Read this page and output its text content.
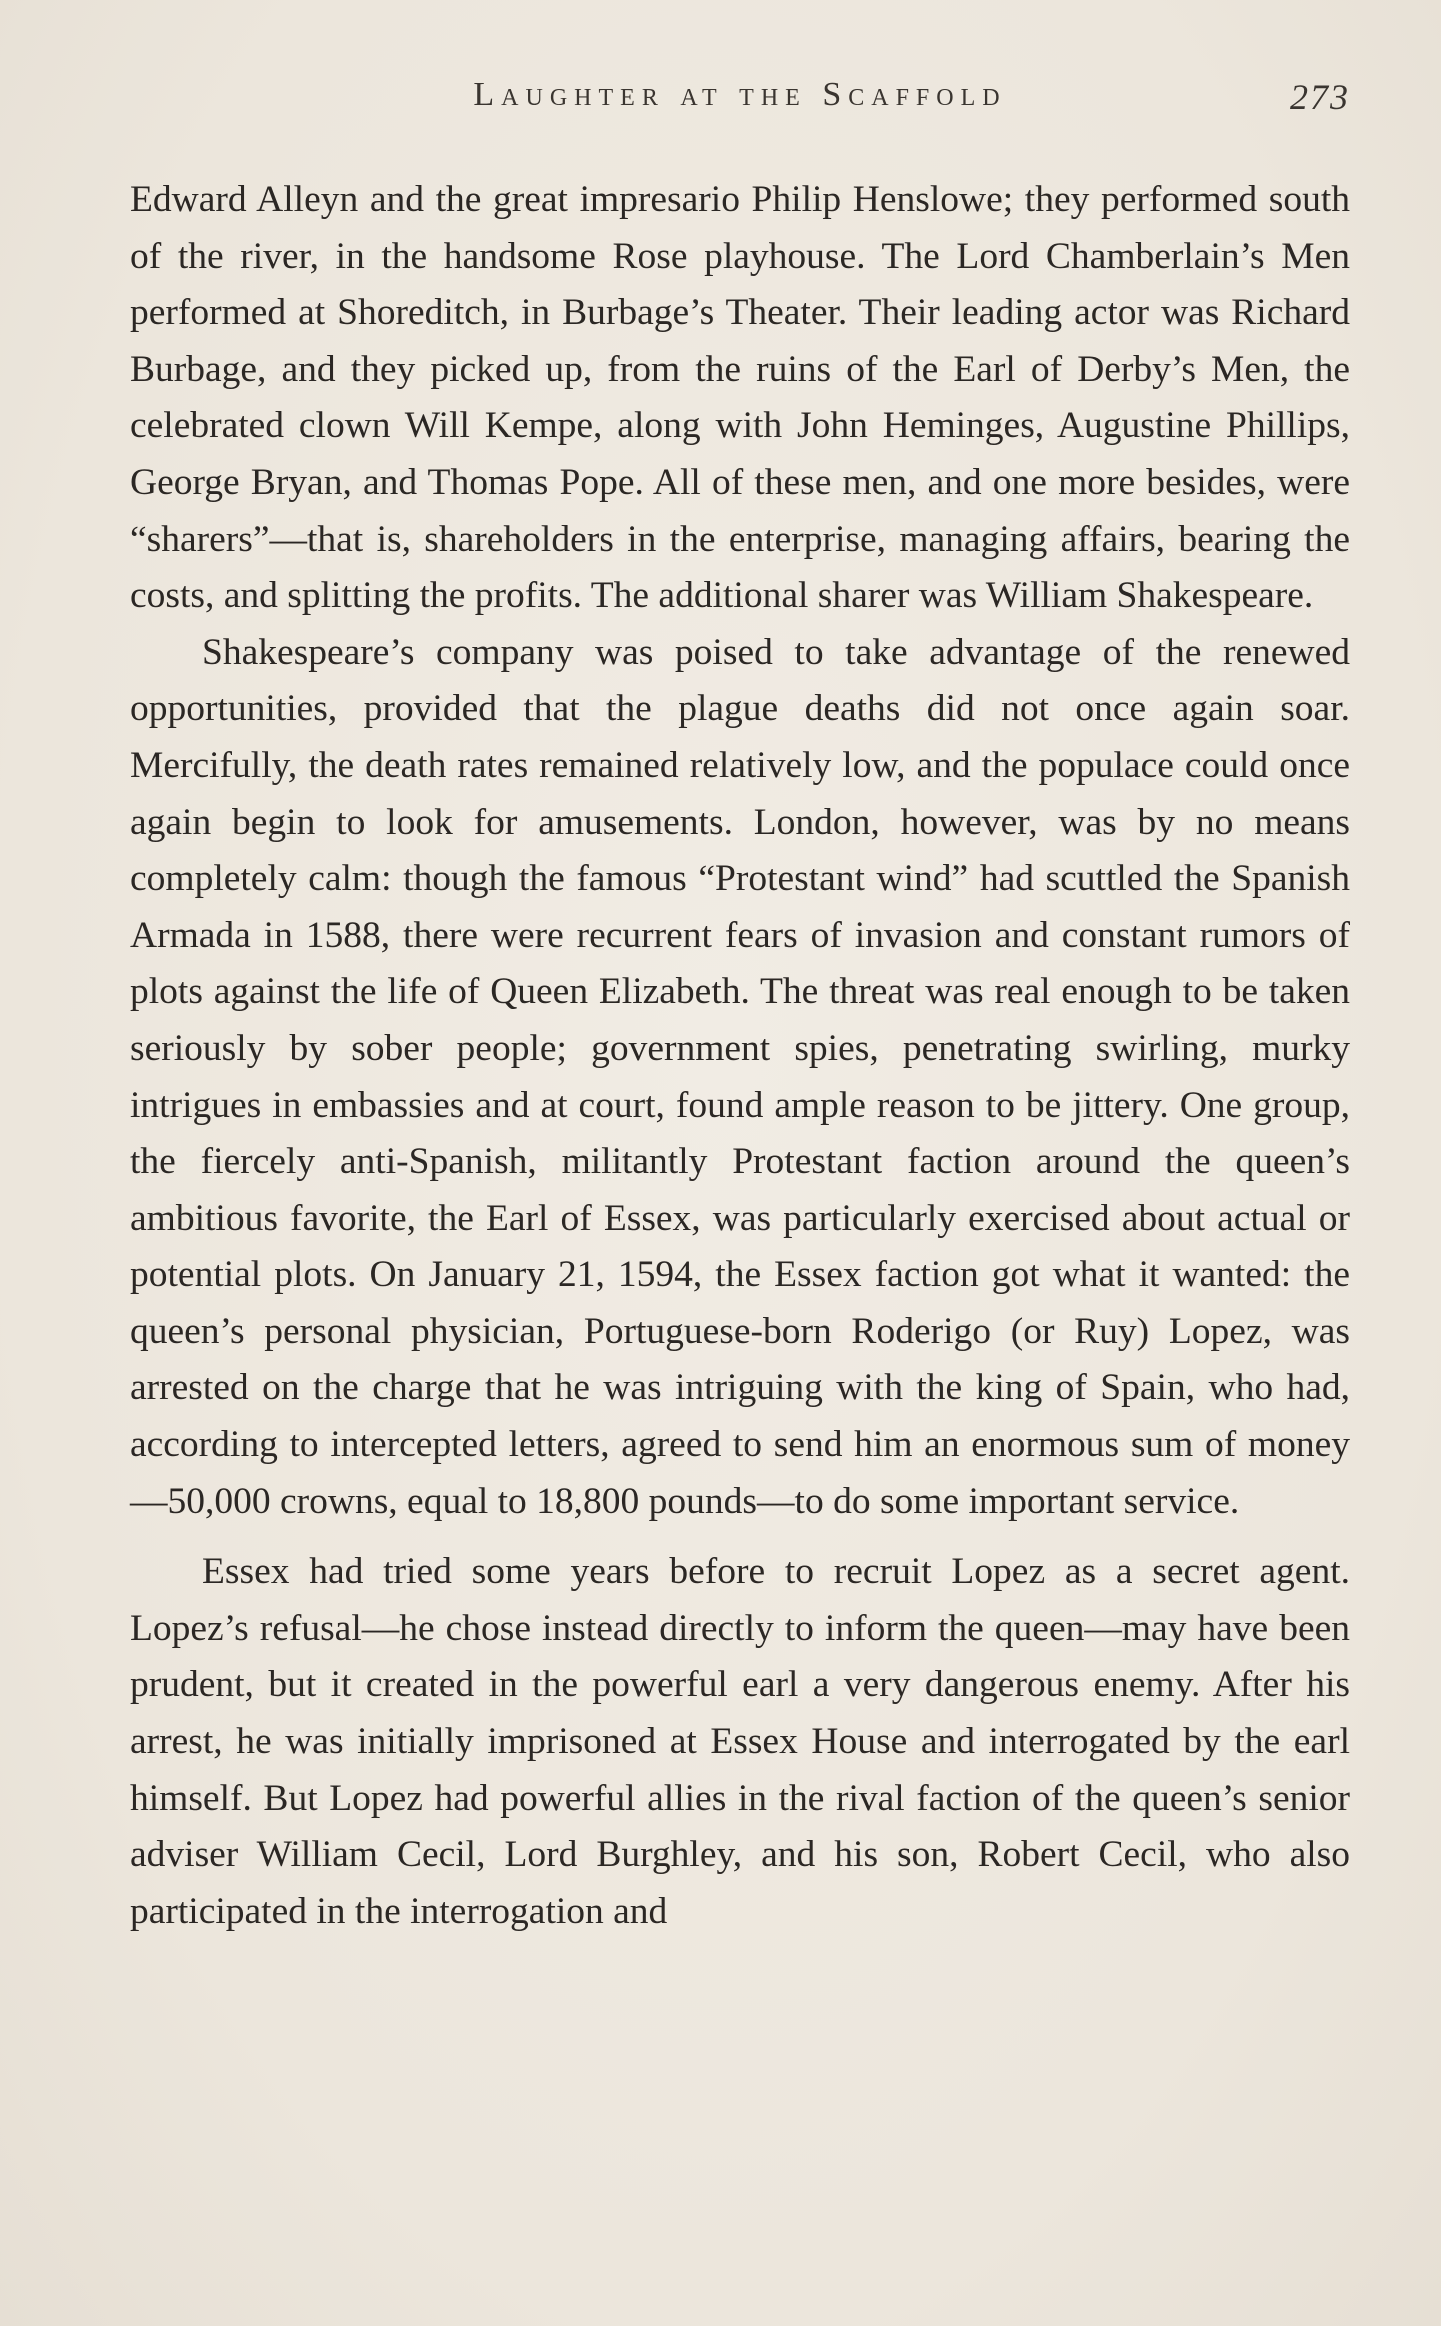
Laughter at the Scaffold	273

Edward Alleyn and the great impresario Philip Henslowe; they performed south of the river, in the handsome Rose playhouse. The Lord Chamberlain’s Men performed at Shoreditch, in Burbage’s Theater. Their leading actor was Richard Burbage, and they picked up, from the ruins of the Earl of Derby’s Men, the celebrated clown Will Kempe, along with John Heminges, Augustine Phillips, George Bryan, and Thomas Pope. All of these men, and one more besides, were “sharers”—that is, shareholders in the enterprise, managing affairs, bearing the costs, and splitting the profits. The additional sharer was William Shakespeare.

Shakespeare’s company was poised to take advantage of the renewed opportunities, provided that the plague deaths did not once again soar. Mercifully, the death rates remained relatively low, and the populace could once again begin to look for amusements. London, however, was by no means completely calm: though the famous “Protestant wind” had scuttled the Spanish Armada in 1588, there were recurrent fears of invasion and constant rumors of plots against the life of Queen Elizabeth. The threat was real enough to be taken seriously by sober people; government spies, penetrating swirling, murky intrigues in embassies and at court, found ample reason to be jittery. One group, the fiercely anti-Spanish, militantly Protestant faction around the queen’s ambitious favorite, the Earl of Essex, was particularly exercised about actual or potential plots. On January 21, 1594, the Essex faction got what it wanted: the queen’s personal physician, Portuguese-born Roderigo (or Ruy) Lopez, was arrested on the charge that he was intriguing with the king of Spain, who had, according to intercepted letters, agreed to send him an enormous sum of money—50,000 crowns, equal to 18,800 pounds—to do some important service.

Essex had tried some years before to recruit Lopez as a secret agent. Lopez’s refusal—he chose instead directly to inform the queen—may have been prudent, but it created in the powerful earl a very dangerous enemy. After his arrest, he was initially imprisoned at Essex House and interrogated by the earl himself. But Lopez had powerful allies in the rival faction of the queen’s senior adviser William Cecil, Lord Burghley, and his son, Robert Cecil, who also participated in the interrogation and
